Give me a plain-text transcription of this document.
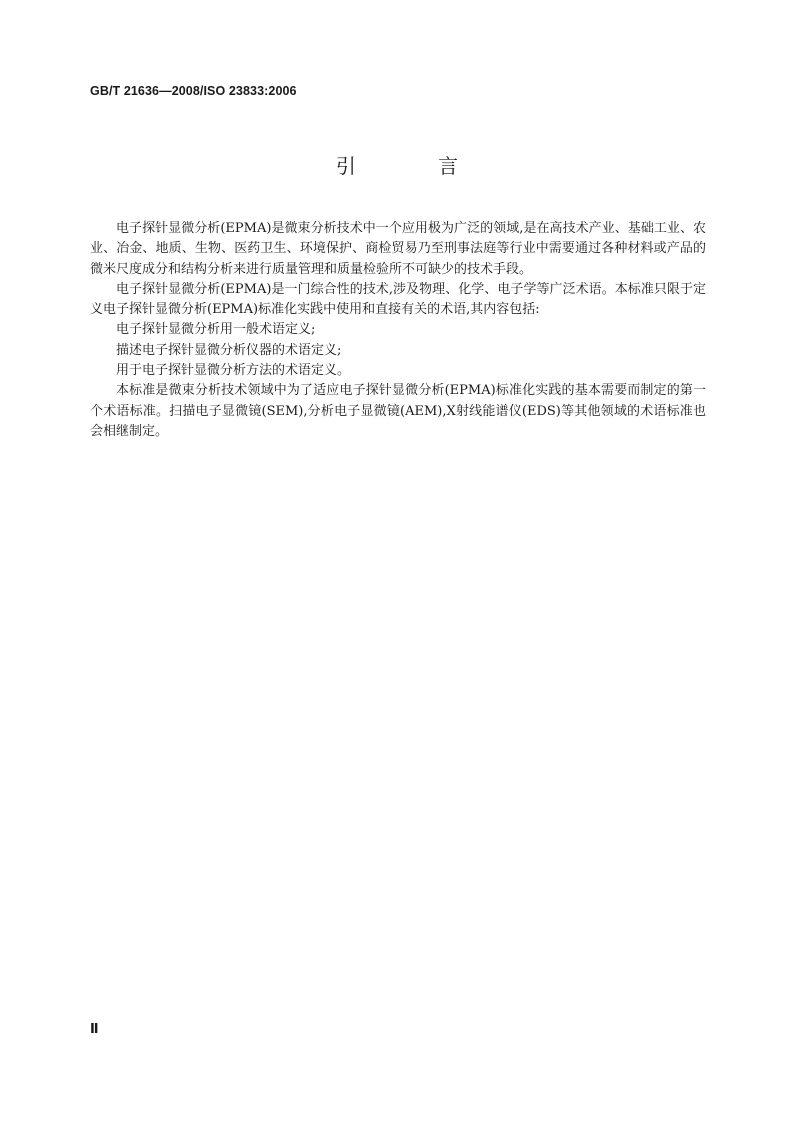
GB/T 21636—2008/ISO 23833:2006
引 言

电子探针显微分析(EPMA)是微束分析技术中一个应用极为广泛的领域,是在高技术产业、基础工业、农业、冶金、地质、生物、医药卫生、环境保护、商检贸易乃至刑事法庭等行业中需要通过各种材料或产品的微米尺度成分和结构分析来进行质量管理和质量检验所不可缺少的技术手段。

电子探针显微分析(EPMA)是一门综合性的技术,涉及物理、化学、电子学等广泛术语。本标准只限于定义电子探针显微分析(EPMA)标准化实践中使用和直接有关的术语,其内容包括:

电子探针显微分析用一般术语定义;

描述电子探针显微分析仪器的术语定义;

用于电子探针显微分析方法的术语定义。

本标准是微束分析技术领域中为了适应电子探针显微分析(EPMA)标准化实践的基本需要而制定的第一个术语标准。扫描电子显微镜(SEM),分析电子显微镜(AEM),X射线能谱仪(EDS)等其他领域的术语标准也会相继制定。

Ⅱ
